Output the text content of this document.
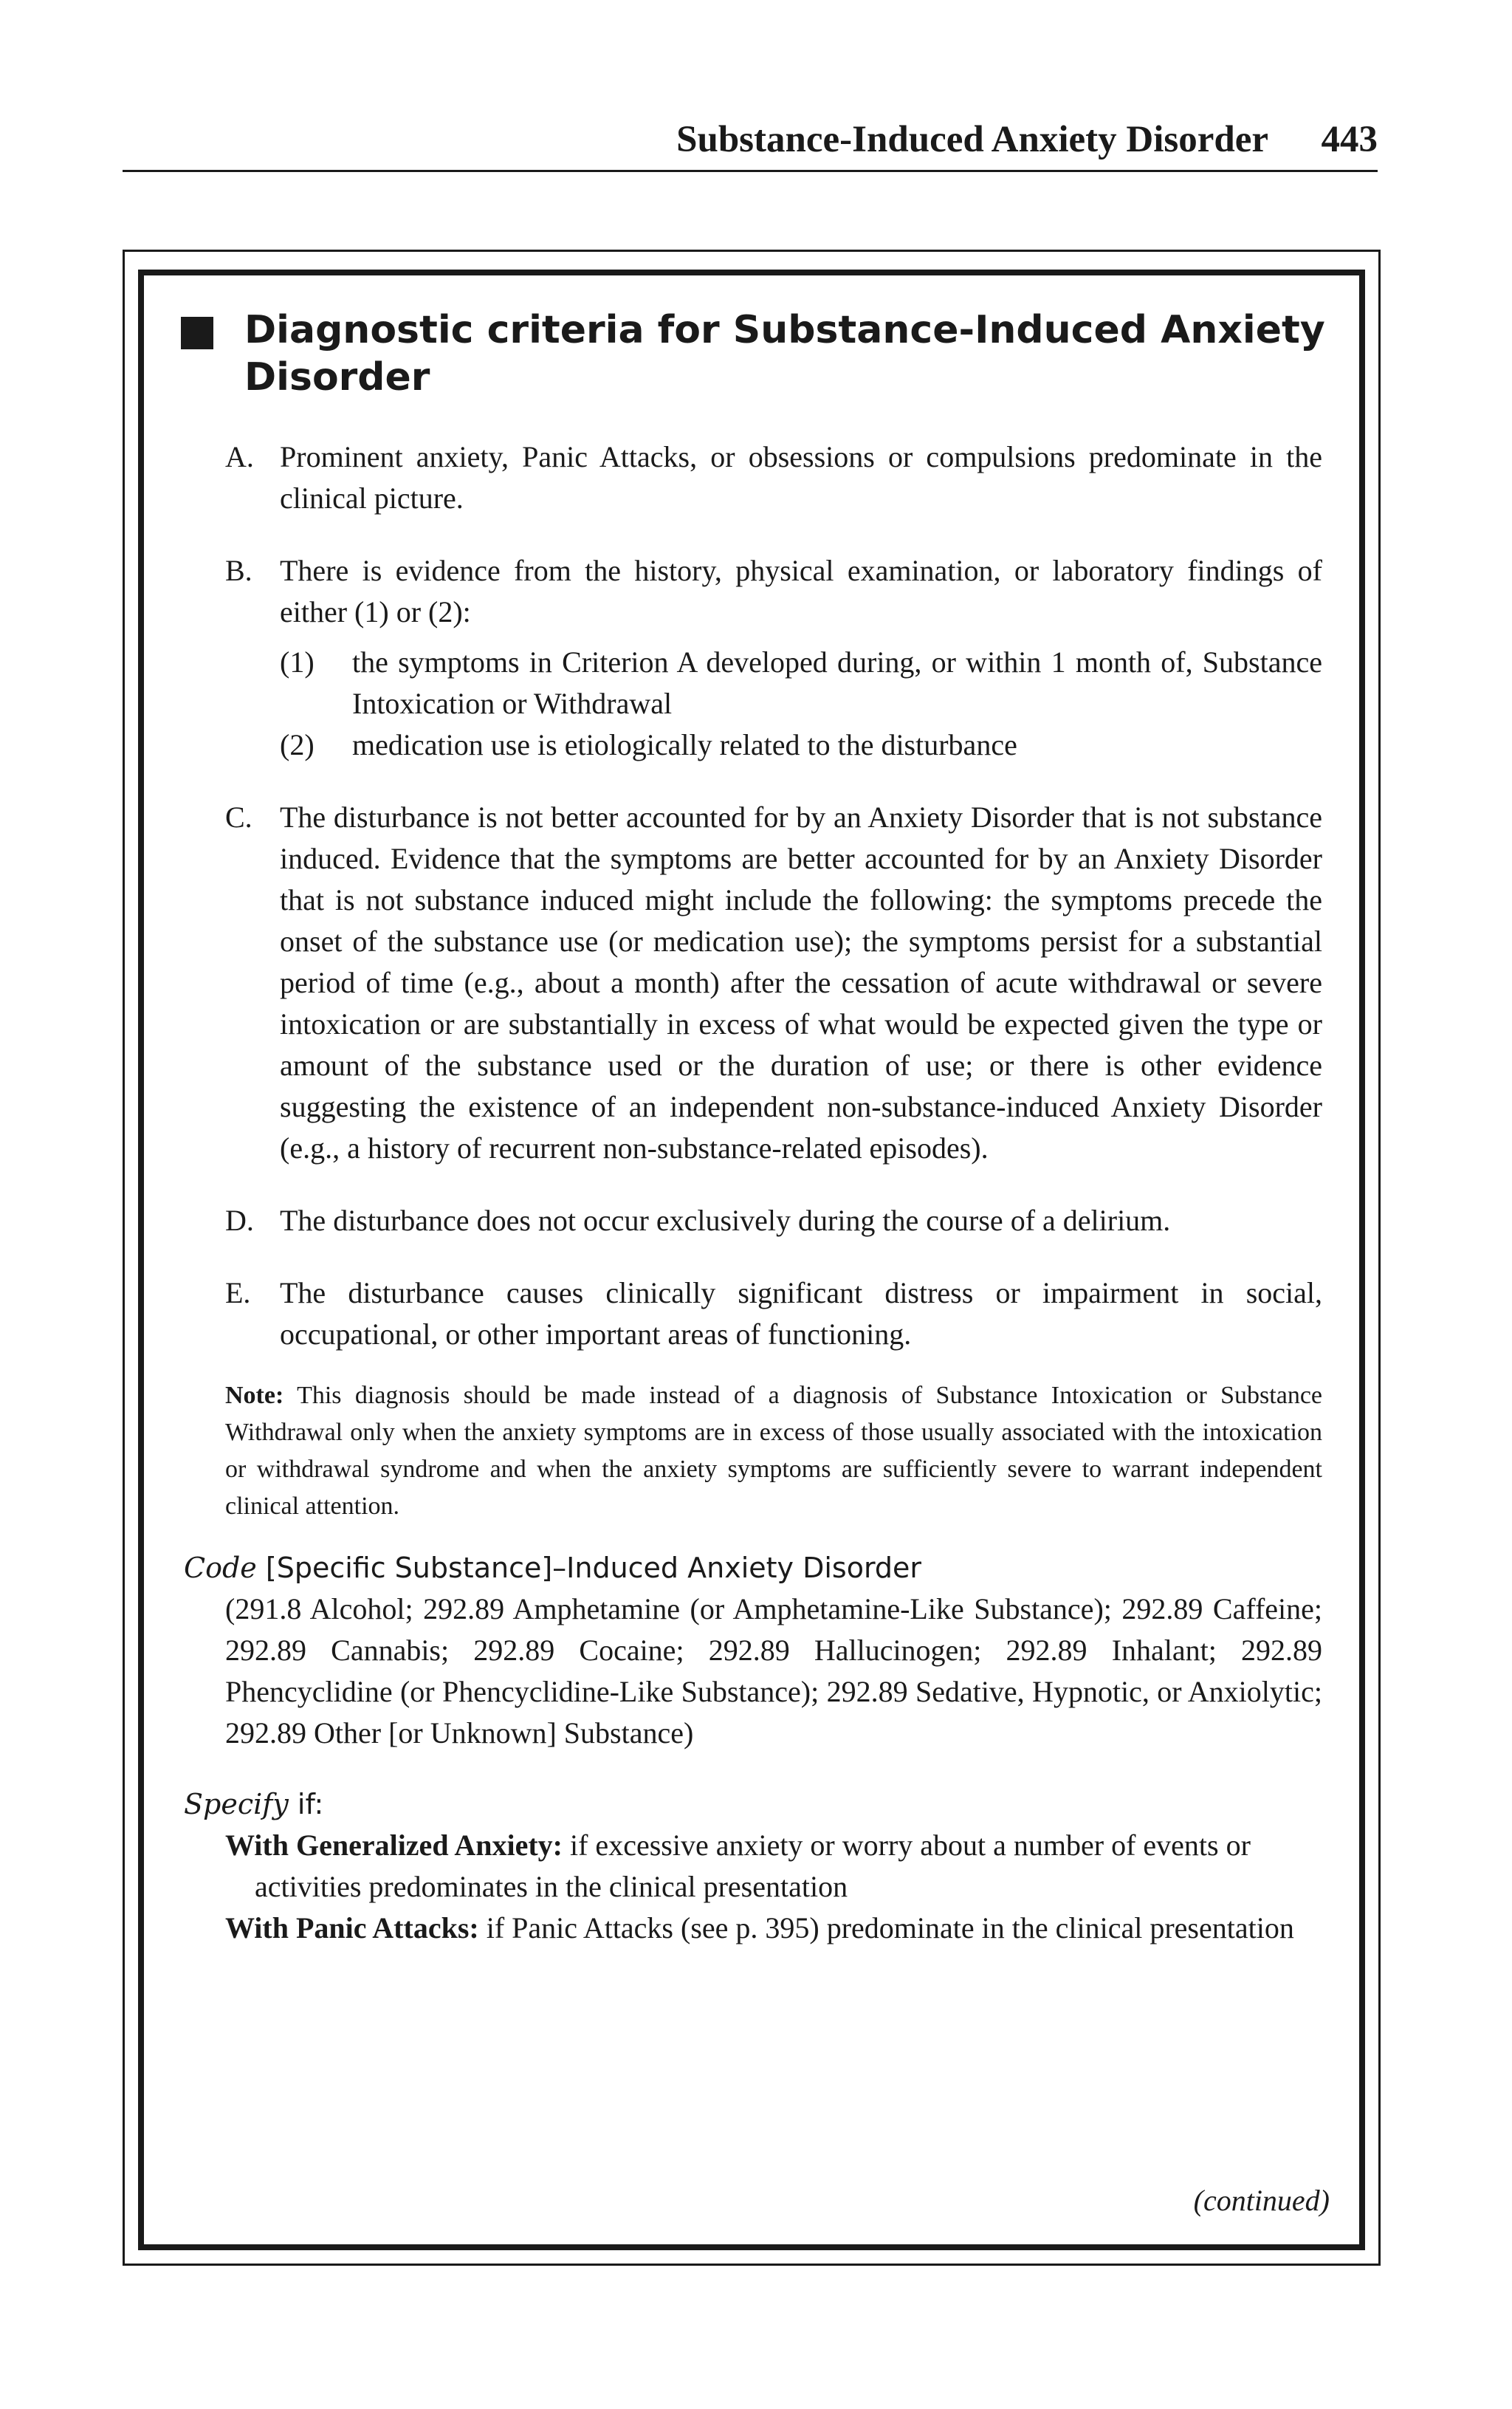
Substance-Induced Anxiety Disorder 443
Diagnostic criteria for Substance-Induced Anxiety Disorder
A. Prominent anxiety, Panic Attacks, or obsessions or compulsions predominate in the clinical picture.
B. There is evidence from the history, physical examination, or laboratory findings of either (1) or (2):
(1) the symptoms in Criterion A developed during, or within 1 month of, Substance Intoxication or Withdrawal
(2) medication use is etiologically related to the disturbance
C. The disturbance is not better accounted for by an Anxiety Disorder that is not substance induced. Evidence that the symptoms are better accounted for by an Anxiety Disorder that is not substance induced might include the following: the symptoms precede the onset of the substance use (or medication use); the symptoms persist for a substantial period of time (e.g., about a month) after the cessation of acute withdrawal or severe intoxication or are substantially in excess of what would be expected given the type or amount of the substance used or the duration of use; or there is other evidence suggesting the existence of an independent non-substance-induced Anxiety Disorder (e.g., a history of recurrent non-substance-related episodes).
D. The disturbance does not occur exclusively during the course of a delirium.
E. The disturbance causes clinically significant distress or impairment in social, occupational, or other important areas of functioning.
Note: This diagnosis should be made instead of a diagnosis of Substance Intoxication or Substance Withdrawal only when the anxiety symptoms are in excess of those usually associated with the intoxication or withdrawal syndrome and when the anxiety symptoms are sufficiently severe to warrant independent clinical attention.
Code [Specific Substance]–Induced Anxiety Disorder
(291.8 Alcohol; 292.89 Amphetamine (or Amphetamine-Like Substance); 292.89 Caffeine; 292.89 Cannabis; 292.89 Cocaine; 292.89 Hallucinogen; 292.89 Inhalant; 292.89 Phencyclidine (or Phencyclidine-Like Substance); 292.89 Sedative, Hypnotic, or Anxiolytic; 292.89 Other [or Unknown] Substance)
Specify if:
With Generalized Anxiety: if excessive anxiety or worry about a number of events or activities predominates in the clinical presentation
With Panic Attacks: if Panic Attacks (see p. 395) predominate in the clinical presentation
(continued)
